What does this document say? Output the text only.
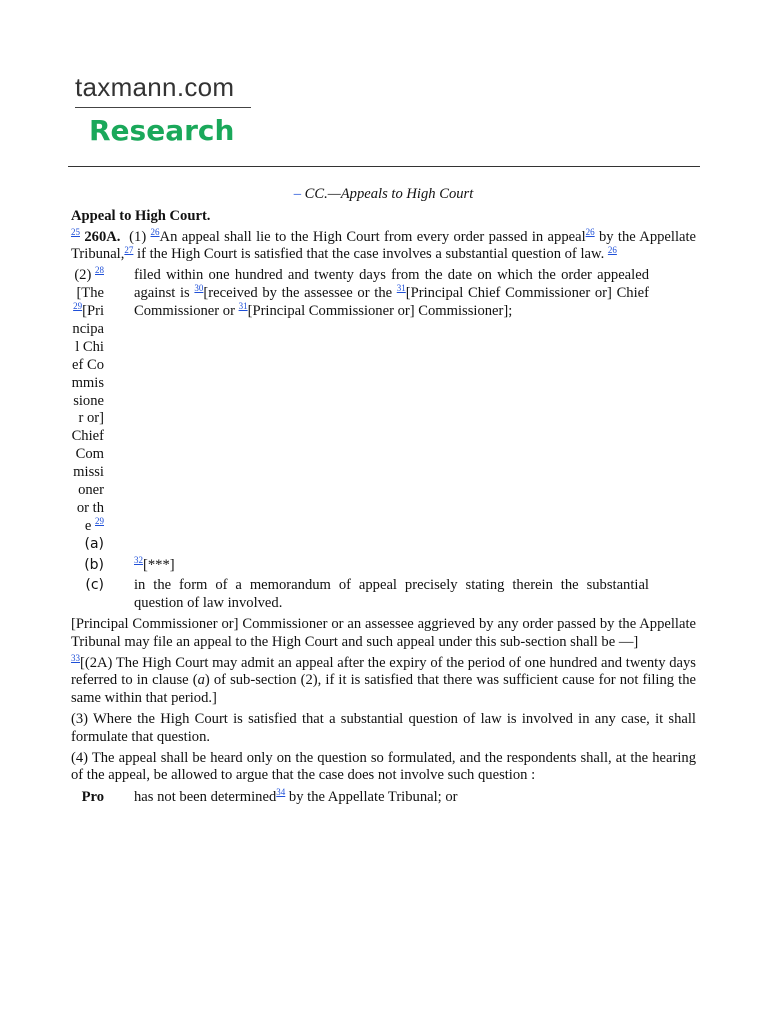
taxmann.com
Research
– CC.—Appeals to High Court
Appeal to High Court.

$^{25}$ 260A. (1) $^{26}$An appeal shall lie to the High Court from every order passed in appeal$^{26}$ by the Appellate Tribunal,$^{27}$ if the High Court is satisfied that the case involves a substantial question of law. $^{26}$

(2) $^{28}$[The $^{29}$[Principal Chief Commissioner or] Chief Commissioner or the $^{29}$(a)
filed within one hundred and twenty days from the date on which the order appealed against is $^{30}$[received by the assessee or the $^{31}$[Principal Chief Commissioner or] Chief Commissioner or $^{31}$[Principal Commissioner or] Commissioner];
(b)	$^{32}$[***]
(c) in the form of a memorandum of appeal precisely stating therein the substantial question of law involved.

[Principal Commissioner or] Commissioner or an assessee aggrieved by any order passed by the Appellate Tribunal may file an appeal to the High Court and such appeal under this sub-section shall be —]

$^{33}$[(2A) The High Court may admit an appeal after the expiry of the period of one hundred and twenty days referred to in clause (a) of sub-section (2), if it is satisfied that there was sufficient cause for not filing the same within that period.]

(3) Where the High Court is satisfied that a substantial question of law is involved in any case, it shall formulate that question.

(4) The appeal shall be heard only on the question so formulated, and the respondents shall, at the hearing of the appeal, be allowed to argue that the case does not involve such question :

Pro has not been determined$^{34}$ by the Appellate Tribunal; or
